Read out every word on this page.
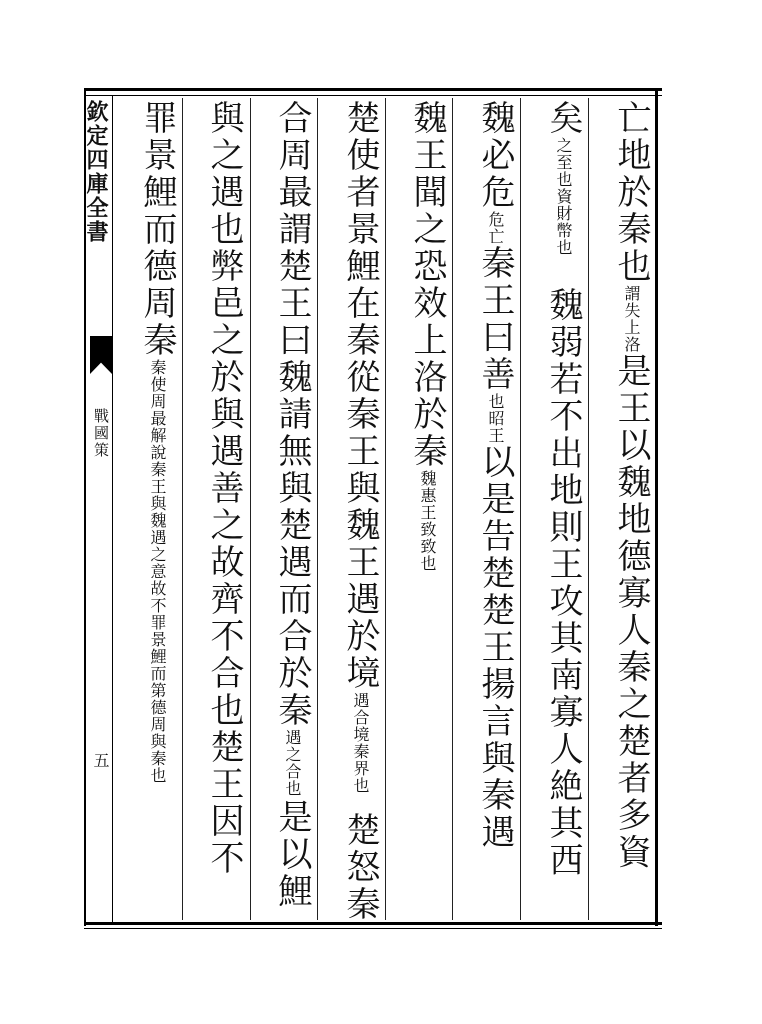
欽定四庫全書
戰國策
五
亡地於秦也謂失上洛是王以魏地德寡人秦之楚者多資
矣之至也資財幣也魏弱若不出地則王攻其南寡人絶其西
魏必危危亡秦王曰善也昭王以是告楚楚王揚言與秦遇
魏王聞之恐效上洛於秦魏惠王致致也
楚使者景鯉在秦從秦王與魏王遇於境遇合境秦界也楚怒秦
合周最謂楚王曰魏請無與楚遇而合於秦遇之合也是以鯉
與之遇也弊邑之於與遇善之故齊不合也楚王因不
罪景鯉而德周秦秦使周最解說秦王與魏遇之意故不罪景鯉而第德周與秦也
